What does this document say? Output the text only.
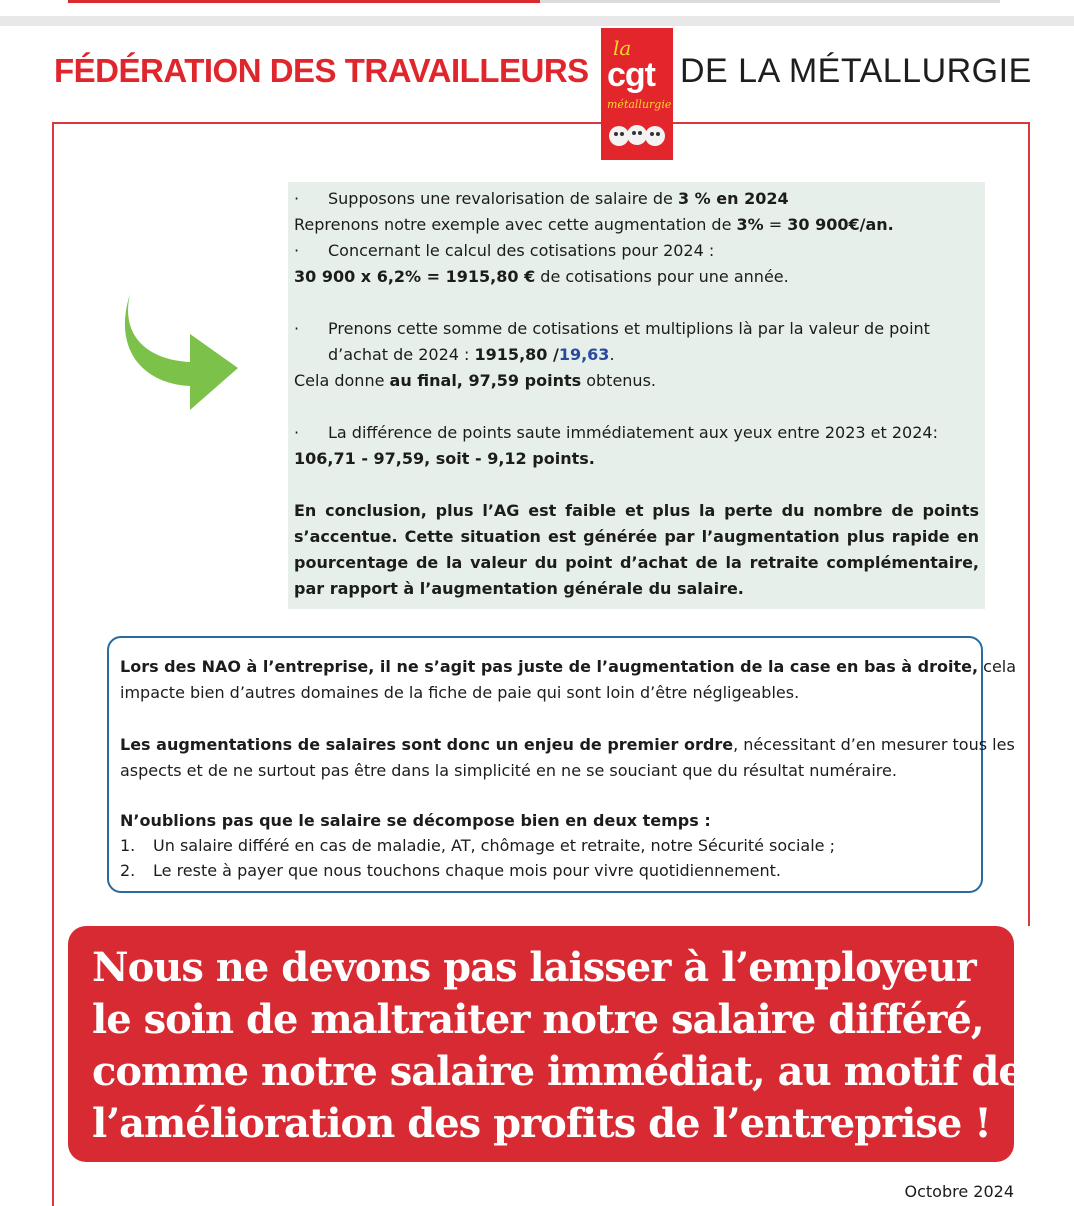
FÉDÉRATION DES TRAVAILLEURS
la
cgt
métallurgie
DE LA MÉTALLURGIE

· Supposons une revalorisation de salaire de 3 % en 2024

Reprenons notre exemple avec cette augmentation de 3% = 30 900€/an.

· Concernant le calcul des cotisations pour 2024 :

30 900 x 6,2% = 1915,80 € de cotisations pour une année.

· Prenons cette somme de cotisations et multiplions là par la valeur de point

d’achat de 2024 : 1915,80 /19,63.

Cela donne au final, 97,59 points obtenus.

· La différence de points saute immédiatement aux yeux entre 2023 et 2024:

106,71 - 97,59, soit - 9,12 points.

En conclusion, plus l’AG est faible et plus la perte du nombre de points s’accentue. Cette situation est générée par l’augmentation plus rapide en pourcentage de la valeur du point d’achat de la retraite complémentaire, par rapport à l’augmentation générale du salaire.

Lors des NAO à l’entreprise, il ne s’agit pas juste de l’augmentation de la case en bas à droite, cela
impacte bien d’autres domaines de la fiche de paie qui sont loin d’être négligeables.
Les augmentations de salaires sont donc un enjeu de premier ordre, nécessitant d’en mesurer tous les
aspects et de ne surtout pas être dans la simplicité en ne se souciant que du résultat numéraire.
N’oublions pas que le salaire se décompose bien en deux temps :
1. Un salaire différé en cas de maladie, AT, chômage et retraite, notre Sécurité sociale ;
2. Le reste à payer que nous touchons chaque mois pour vivre quotidiennement.
Nous ne devons pas laisser à l’employeur
le soin de maltraiter notre salaire différé,
comme notre salaire immédiat, au motif de
l’amélioration des profits de l’entreprise !
Octobre 2024
